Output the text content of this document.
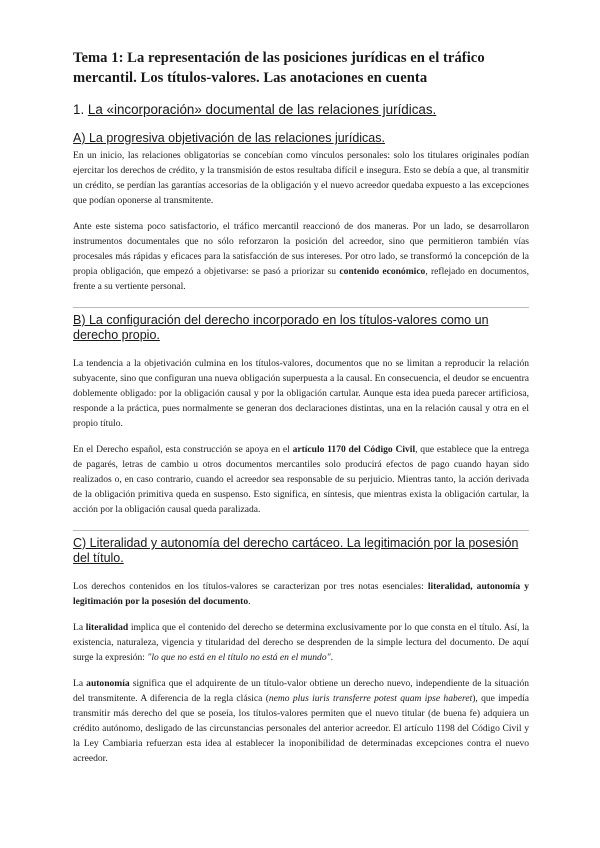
Tema 1: La representación de las posiciones jurídicas en el tráfico mercantil. Los títulos-valores. Las anotaciones en cuenta
1. La «incorporación» documental de las relaciones jurídicas.
A) La progresiva objetivación de las relaciones jurídicas.

En un inicio, las relaciones obligatorias se concebían como vínculos personales: solo los titulares originales podían ejercitar los derechos de crédito, y la transmisión de estos resultaba difícil e insegura. Esto se debía a que, al transmitir un crédito, se perdían las garantías accesorias de la obligación y el nuevo acreedor quedaba expuesto a las excepciones que podían oponerse al transmitente.

Ante este sistema poco satisfactorio, el tráfico mercantil reaccionó de dos maneras. Por un lado, se desarrollaron instrumentos documentales que no sólo reforzaron la posición del acreedor, sino que permitieron también vías procesales más rápidas y eficaces para la satisfacción de sus intereses. Por otro lado, se transformó la concepción de la propia obligación, que empezó a objetivarse: se pasó a priorizar su contenido económico, reflejado en documentos, frente a su vertiente personal.

B) La configuración del derecho incorporado en los títulos-valores como un derecho propio.

La tendencia a la objetivación culmina en los títulos-valores, documentos que no se limitan a reproducir la relación subyacente, sino que configuran una nueva obligación superpuesta a la causal. En consecuencia, el deudor se encuentra doblemente obligado: por la obligación causal y por la obligación cartular. Aunque esta idea pueda parecer artificiosa, responde a la práctica, pues normalmente se generan dos declaraciones distintas, una en la relación causal y otra en el propio título.

En el Derecho español, esta construcción se apoya en el artículo 1170 del Código Civil, que establece que la entrega de pagarés, letras de cambio u otros documentos mercantiles solo producirá efectos de pago cuando hayan sido realizados o, en caso contrario, cuando el acreedor sea responsable de su perjuicio. Mientras tanto, la acción derivada de la obligación primitiva queda en suspenso. Esto significa, en síntesis, que mientras exista la obligación cartular, la acción por la obligación causal queda paralizada.

C) Literalidad y autonomía del derecho cartáceo. La legitimación por la posesión del título.

Los derechos contenidos en los títulos-valores se caracterizan por tres notas esenciales: literalidad, autonomía y legitimación por la posesión del documento.

La literalidad implica que el contenido del derecho se determina exclusivamente por lo que consta en el título. Así, la existencia, naturaleza, vigencia y titularidad del derecho se desprenden de la simple lectura del documento. De aquí surge la expresión: "lo que no está en el título no está en el mundo".

La autonomía significa que el adquirente de un título-valor obtiene un derecho nuevo, independiente de la situación del transmitente. A diferencia de la regla clásica (nemo plus iuris transferre potest quam ipse haberet), que impedía transmitir más derecho del que se poseía, los títulos-valores permiten que el nuevo titular (de buena fe) adquiera un crédito autónomo, desligado de las circunstancias personales del anterior acreedor. El artículo 1198 del Código Civil y la Ley Cambiaria refuerzan esta idea al establecer la inoponibilidad de determinadas excepciones contra el nuevo acreedor.
